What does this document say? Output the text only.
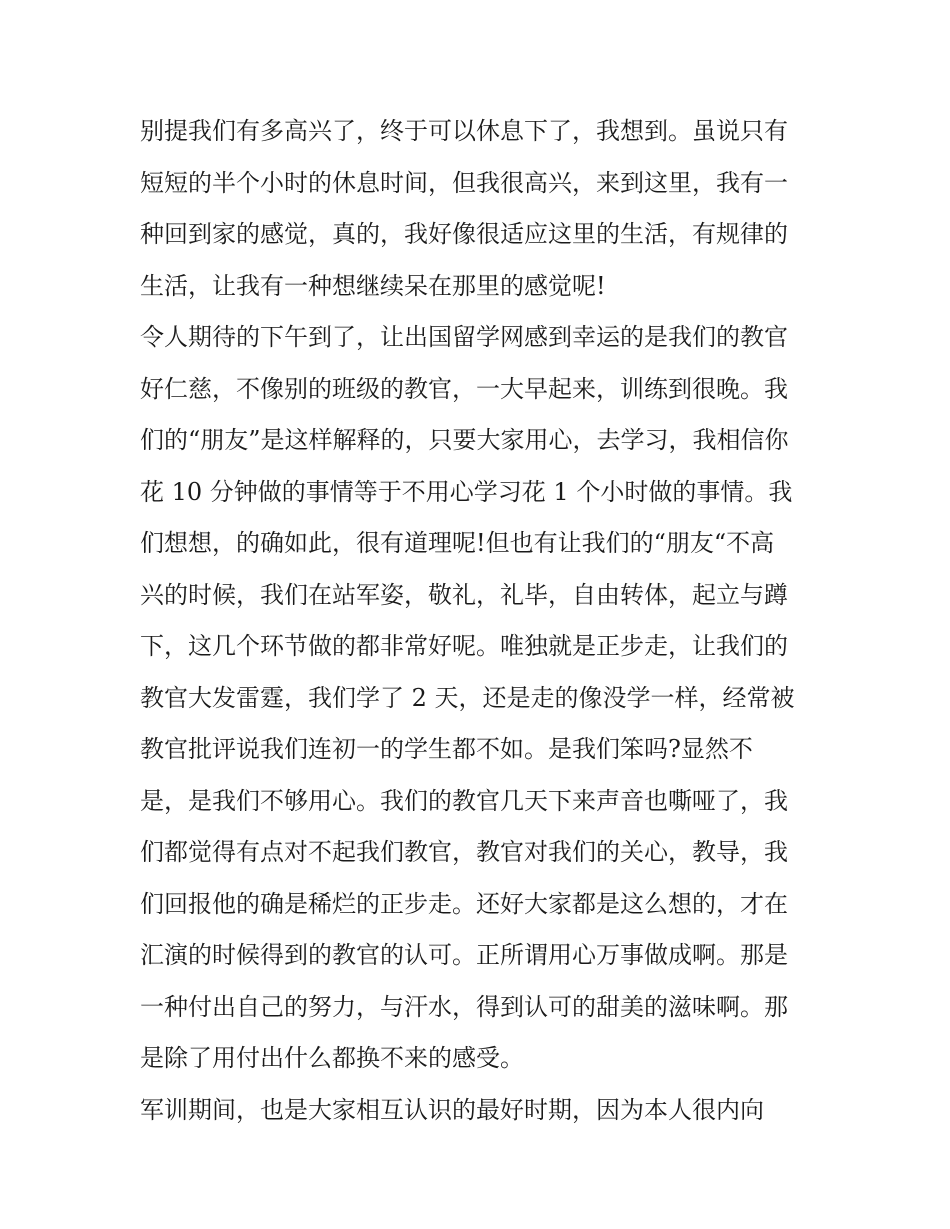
别提我们有多高兴了，终于可以休息下了，我想到。虽说只有
短短的半个小时的休息时间，但我很高兴，来到这里，我有一
种回到家的感觉，真的，我好像很适应这里的生活，有规律的
生活，让我有一种想继续呆在那里的感觉呢!
令人期待的下午到了，让出国留学网感到幸运的是我们的教官
好仁慈，不像别的班级的教官，一大早起来，训练到很晚。我
们的“朋友”是这样解释的，只要大家用心，去学习，我相信你
花 10 分钟做的事情等于不用心学习花 1 个小时做的事情。我
们想想，的确如此，很有道理呢!但也有让我们的“朋友“不高
兴的时候，我们在站军姿，敬礼，礼毕，自由转体，起立与蹲
下，这几个环节做的都非常好呢。唯独就是正步走，让我们的
教官大发雷霆，我们学了 2 天，还是走的像没学一样，经常被
教官批评说我们连初一的学生都不如。是我们笨吗?显然不
是，是我们不够用心。我们的教官几天下来声音也嘶哑了，我
们都觉得有点对不起我们教官，教官对我们的关心，教导，我
们回报他的确是稀烂的正步走。还好大家都是这么想的，才在
汇演的时候得到的教官的认可。正所谓用心万事做成啊。那是
一种付出自己的努力，与汗水，得到认可的甜美的滋味啊。那
是除了用付出什么都换不来的感受。
军训期间，也是大家相互认识的最好时期，因为本人很内向
